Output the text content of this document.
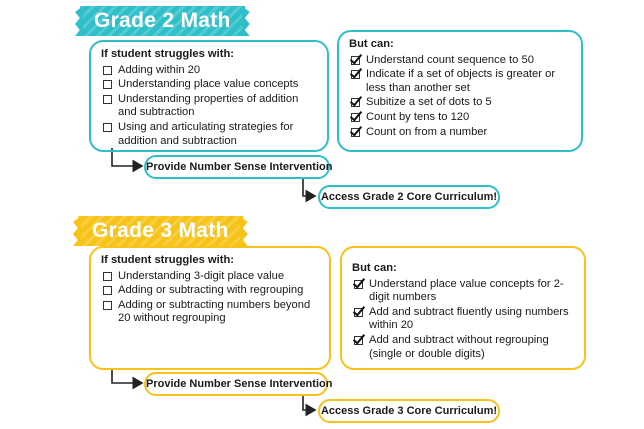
Grade 2 Math
If student struggles with:
Adding within 20
Understanding place value concepts
Understanding properties of addition and subtraction
Using and articulating strategies for addition and subtraction
But can:
Understand count sequence to 50
Indicate if a set of objects is greater or less than another set
Subitize a set of dots to 5
Count by tens to 120
Count on from a number
Provide Number Sense Intervention
Access Grade 2 Core Curriculum!
Grade 3 Math
If student struggles with:
Understanding 3-digit place value
Adding or subtracting with regrouping
Adding or subtracting numbers beyond 20 without regrouping
But can:
Understand place value concepts for 2-digit numbers
Add and subtract fluently using numbers within 20
Add and subtract without regrouping (single or double digits)
Provide Number Sense Intervention
Access Grade 3 Core Curriculum!
